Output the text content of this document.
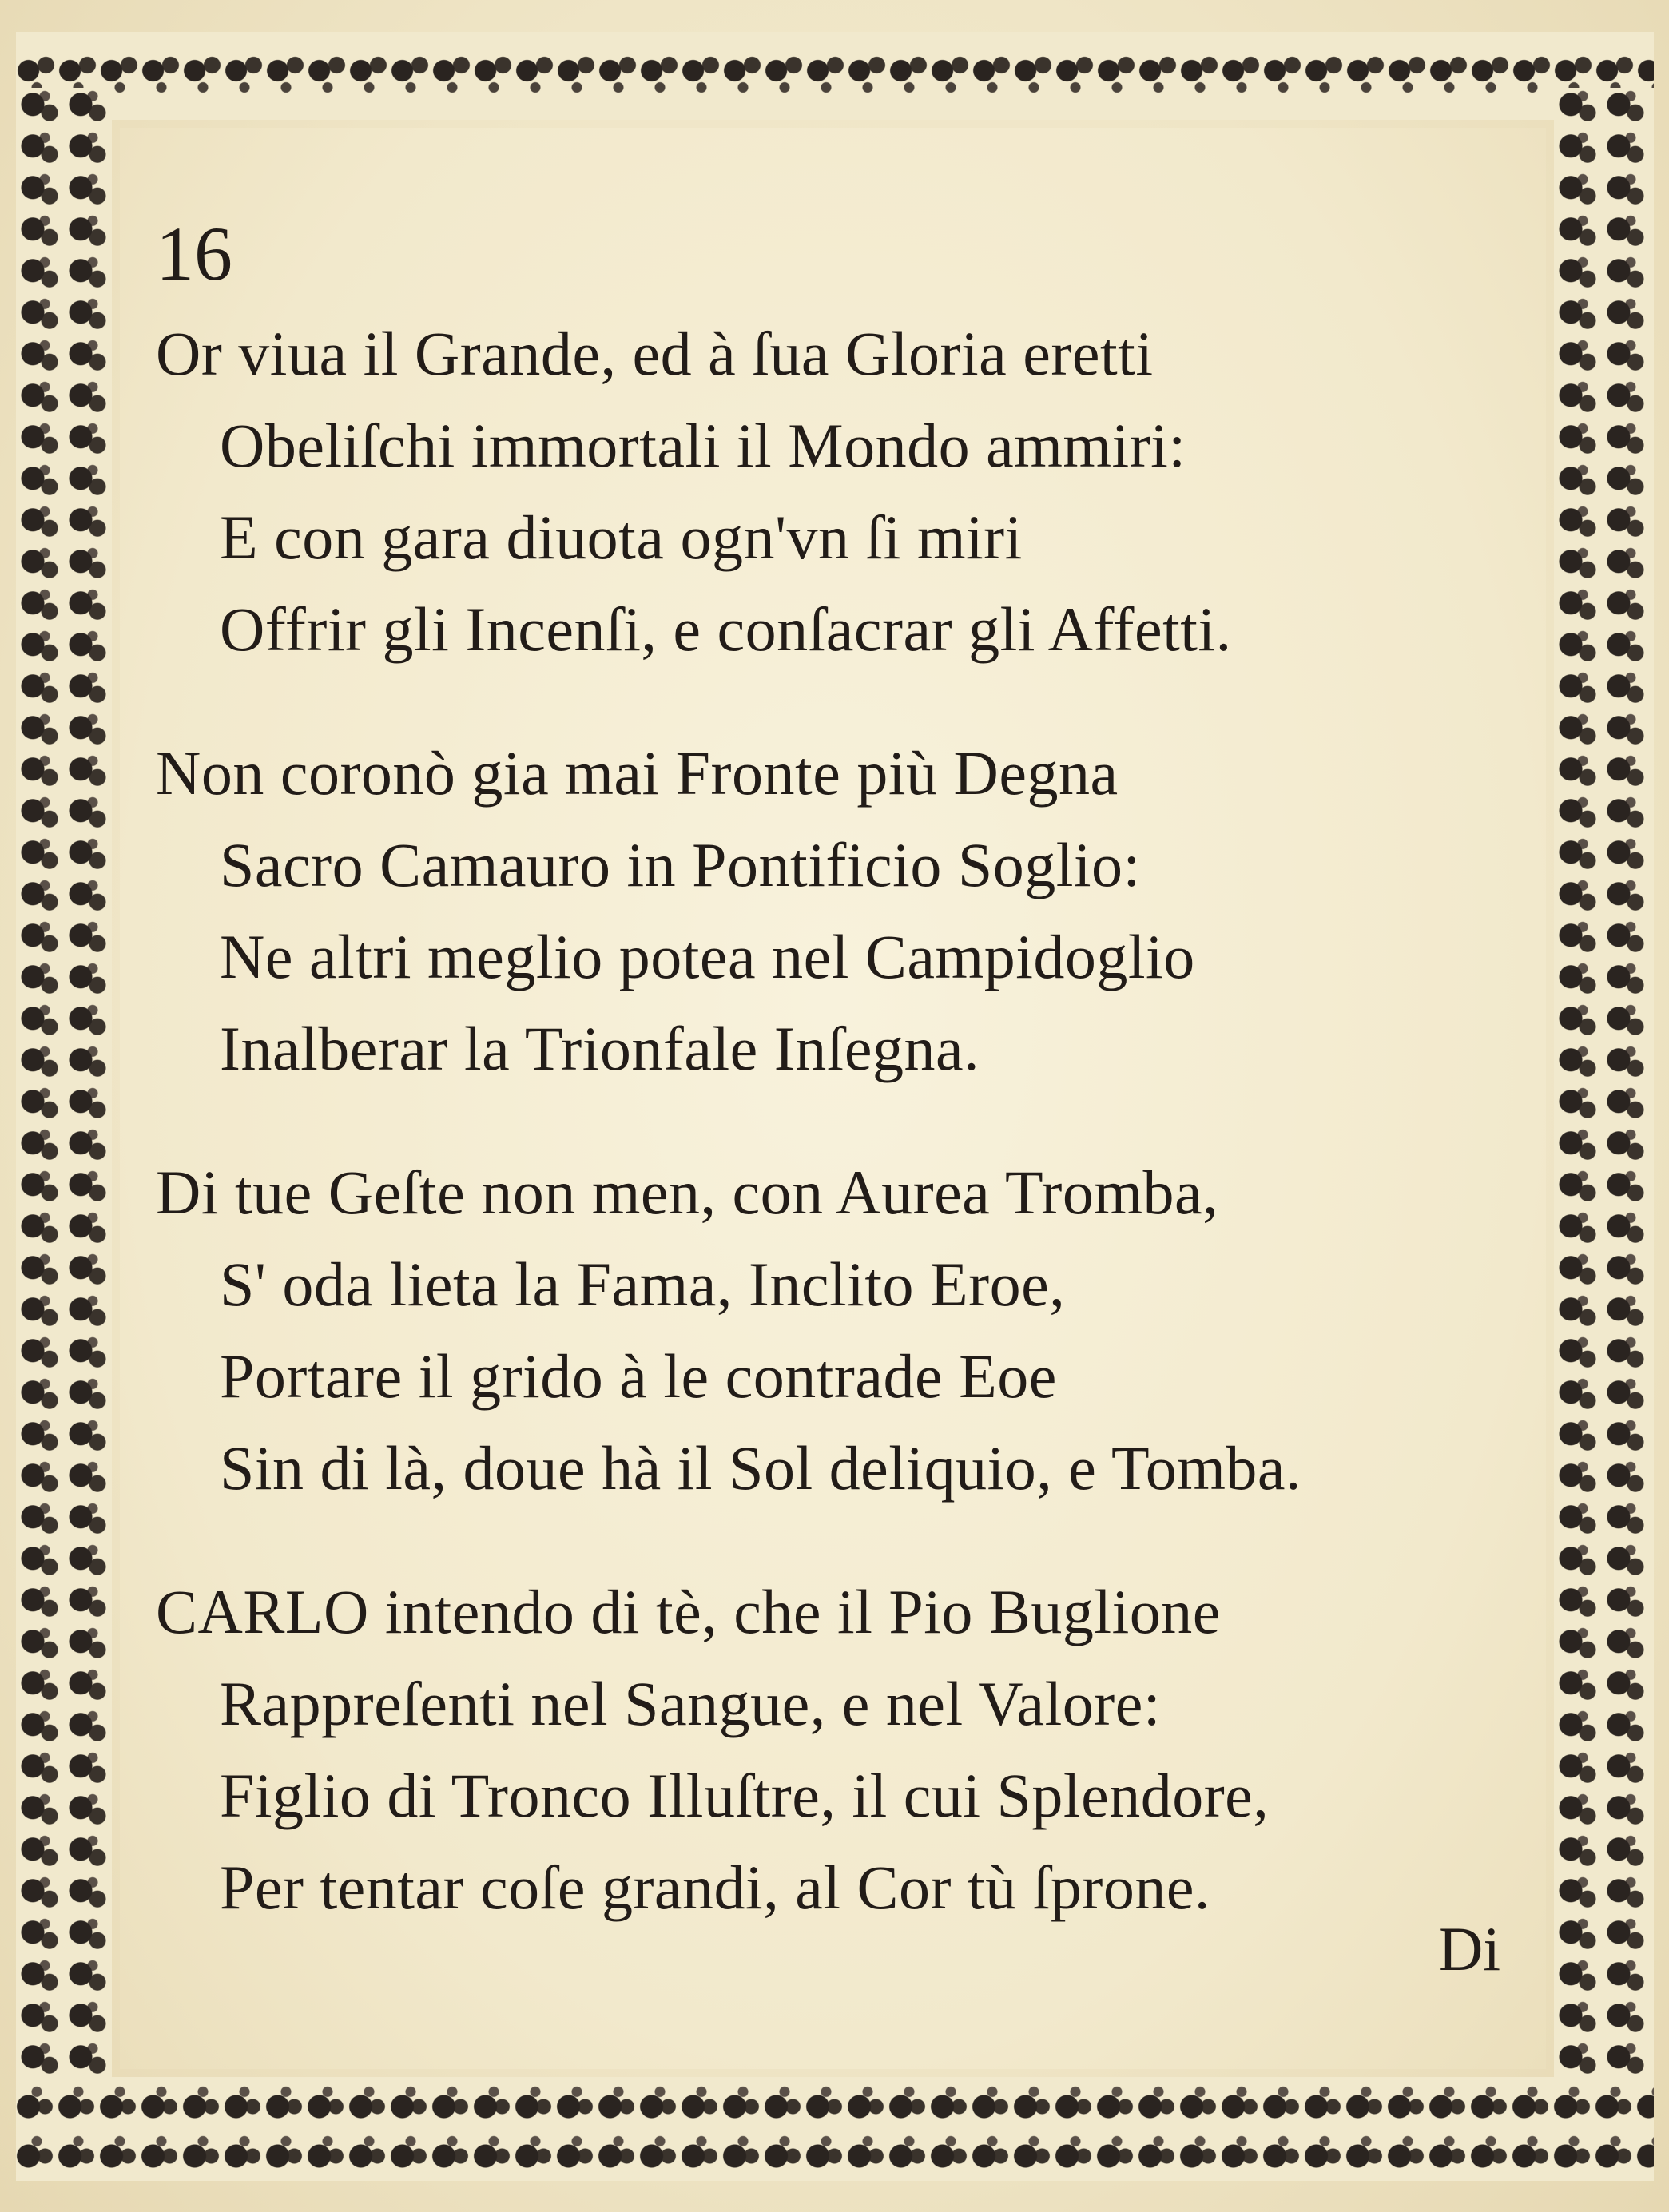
16
Or viua il Grande, ed à ſua Gloria eretti
Obeliſchi immortali il Mondo ammiri:
E con gara diuota ogn'vn ſi miri
Offrir gli Incenſi, e conſacrar gli Affetti.
Non coronò gia mai Fronte più Degna
Sacro Camauro in Pontificio Soglio:
Ne altri meglio potea nel Campidoglio
Inalberar la Trionfale Inſegna.
Di tue Geſte non men, con Aurea Tromba,
S' oda lieta la Fama, Inclito Eroe,
Portare il grido à le contrade Eoe
Sin di là, doue hà il Sol deliquio, e Tomba.
CARLO intendo di tè, che il Pio Buglione
Rappreſenti nel Sangue, e nel Valore:
Figlio di Tronco Illuſtre, il cui Splendore,
Per tentar coſe grandi, al Cor tù ſprone.
Di
